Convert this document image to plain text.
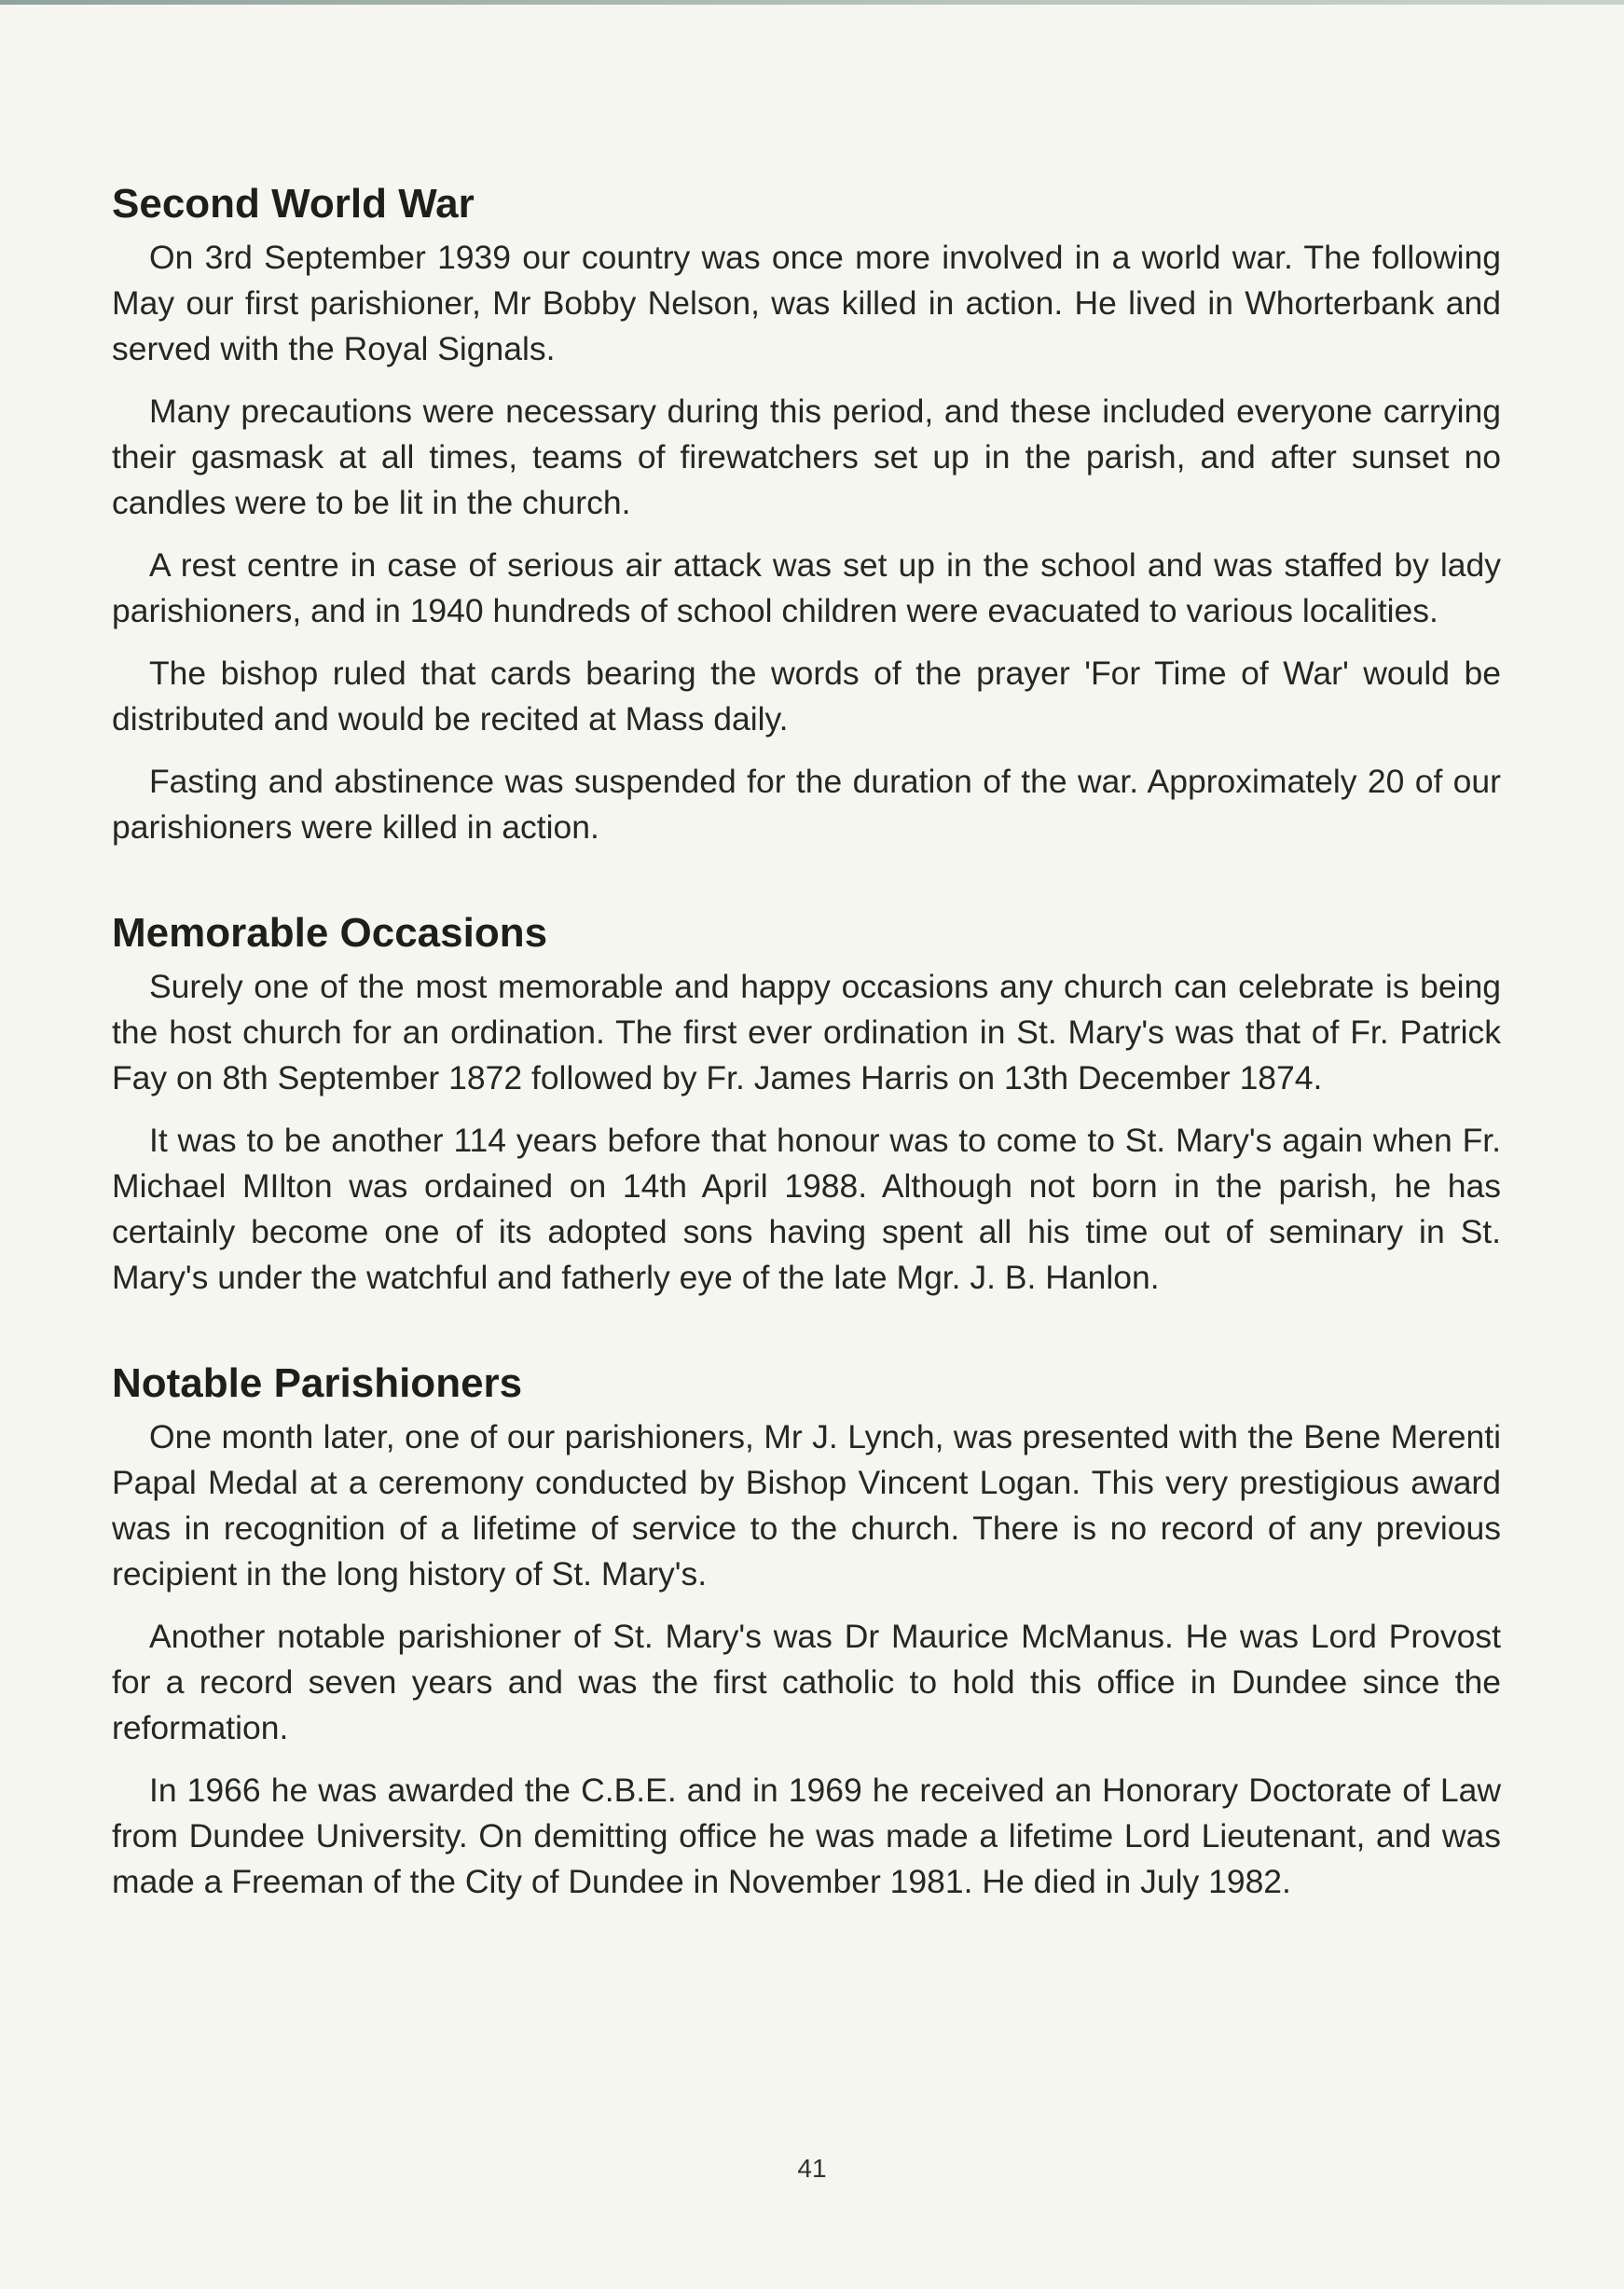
Second World War

On 3rd September 1939 our country was once more involved in a world war. The following May our first parishioner, Mr Bobby Nelson, was killed in action. He lived in Whorterbank and served with the Royal Signals.

Many precautions were necessary during this period, and these included everyone carrying their gasmask at all times, teams of firewatchers set up in the parish, and after sunset no candles were to be lit in the church.

A rest centre in case of serious air attack was set up in the school and was staffed by lady parishioners, and in 1940 hundreds of school children were evacuated to various localities.

The bishop ruled that cards bearing the words of the prayer 'For Time of War' would be distributed and would be recited at Mass daily.

Fasting and abstinence was suspended for the duration of the war. Approximately 20 of our parishioners were killed in action.

Memorable Occasions

Surely one of the most memorable and happy occasions any church can celebrate is being the host church for an ordination. The first ever ordination in St. Mary's was that of Fr. Patrick Fay on 8th September 1872 followed by Fr. James Harris on 13th December 1874.

It was to be another 114 years before that honour was to come to St. Mary's again when Fr. Michael MIlton was ordained on 14th April 1988. Although not born in the parish, he has certainly become one of its adopted sons having spent all his time out of seminary in St. Mary's under the watchful and fatherly eye of the late Mgr. J. B. Hanlon.

Notable Parishioners

One month later, one of our parishioners, Mr J. Lynch, was presented with the Bene Merenti Papal Medal at a ceremony conducted by Bishop Vincent Logan. This very prestigious award was in recognition of a lifetime of service to the church. There is no record of any previous recipient in the long history of St. Mary's.

Another notable parishioner of St. Mary's was Dr Maurice McManus. He was Lord Provost for a record seven years and was the first catholic to hold this office in Dundee since the reformation.

In 1966 he was awarded the C.B.E. and in 1969 he received an Honorary Doctorate of Law from Dundee University. On demitting office he was made a lifetime Lord Lieutenant, and was made a Freeman of the City of Dundee in November 1981. He died in July 1982.

41
